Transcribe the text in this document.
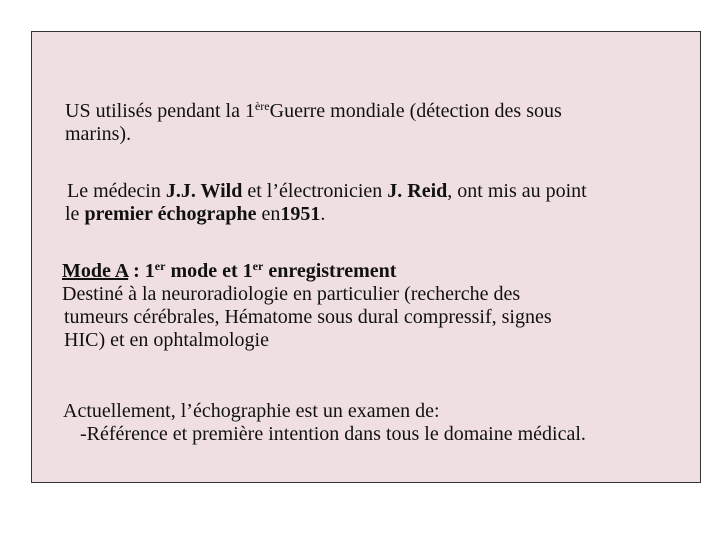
US utilisés pendant la 1èreGuerre mondiale (détection des sous
marins).

Le médecin J.J. Wild et l’électronicien J. Reid, ont mis au point
le premier échographe en1951.

Mode A : 1er mode et 1er enregistrement
Destiné à la neuroradiologie en particulier (recherche des
tumeurs cérébrales, Hématome sous dural compressif, signes
HIC) et en ophtalmologie

Actuellement, l’échographie est un examen de:
-Référence et première intention dans tous le domaine médical.
